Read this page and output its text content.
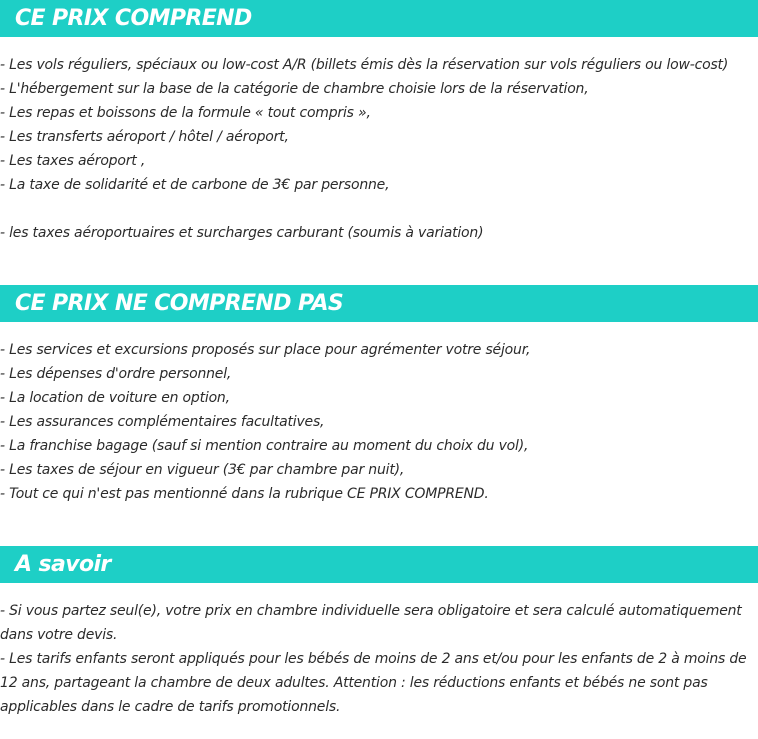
CE PRIX COMPREND
- Les vols réguliers, spéciaux ou low-cost A/R (billets émis dès la réservation sur vols réguliers ou low-cost)
- L'hébergement sur la base de la catégorie de chambre choisie lors de la réservation,
- Les repas et boissons de la formule « tout compris »,
- Les transferts aéroport / hôtel / aéroport,
- Les taxes aéroport ,
- La taxe de solidarité et de carbone de 3€ par personne,
- les taxes aéroportuaires et surcharges carburant (soumis à variation)
CE PRIX NE COMPREND PAS
- Les services et excursions proposés sur place pour agrémenter votre séjour,
- Les dépenses d'ordre personnel,
- La location de voiture en option,
- Les assurances complémentaires facultatives,
- La franchise bagage (sauf si mention contraire au moment du choix du vol),
- Les taxes de séjour en vigueur (3€ par chambre par nuit),
- Tout ce qui n'est pas mentionné dans la rubrique CE PRIX COMPREND.
A savoir
- Si vous partez seul(e), votre prix en chambre individuelle sera obligatoire et sera calculé automatiquement dans votre devis.
- Les tarifs enfants seront appliqués pour les bébés de moins de 2 ans et/ou pour les enfants de 2 à moins de 12 ans, partageant la chambre de deux adultes. Attention : les réductions enfants et bébés ne sont pas applicables dans le cadre de tarifs promotionnels.
